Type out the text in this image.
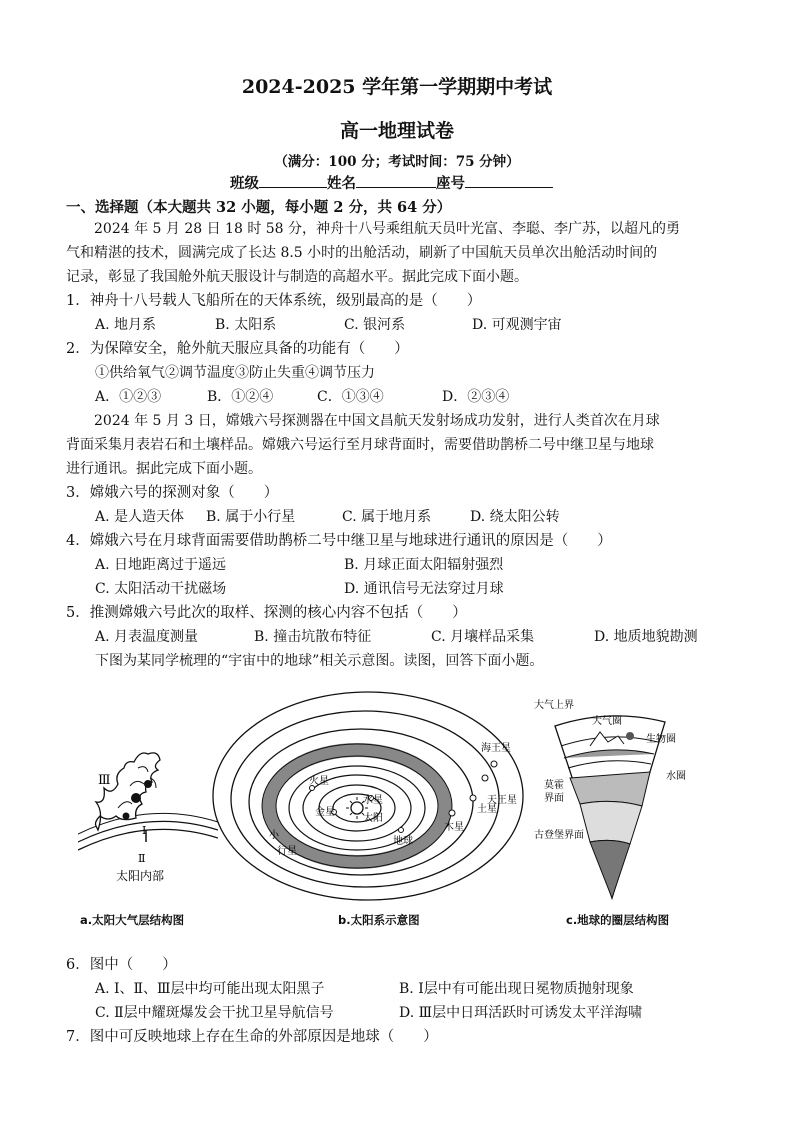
2024-2025 学年第一学期期中考试
高一地理试卷
（满分：100 分；考试时间：75 分钟）
班级	姓名	座号
一、选择题（本大题共 32 小题，每小题 2 分，共 64 分）
2024 年 5 月 28 日 18 时 58 分，神舟十八号乘组航天员叶光富、李聪、李广苏，以超凡的勇
气和精湛的技术，圆满完成了长达 8.5 小时的出舱活动，刷新了中国航天员单次出舱活动时间的
记录，彰显了我国舱外航天服设计与制造的高超水平。据此完成下面小题。
1．神舟十八号载人飞船所在的天体系统，级别最高的是（　　）
A. 地月系	B. 太阳系	C. 银河系	D. 可观测宇宙
2．为保障安全，舱外航天服应具备的功能有（　　）
①供给氧气②调节温度③防止失重④调节压力
A．①②③	B．①②④	C．①③④	D．②③④
2024 年 5 月 3 日，嫦娥六号探测器在中国文昌航天发射场成功发射，进行人类首次在月球
背面采集月表岩石和土壤样品。嫦娥六号运行至月球背面时，需要借助鹊桥二号中继卫星与地球
进行通讯。据此完成下面小题。
3．嫦娥六号的探测对象（　　）
A. 是人造天体 B. 属于小行星	C. 属于地月系	D. 绕太阳公转
4．嫦娥六号在月球背面需要借助鹊桥二号中继卫星与地球进行通讯的原因是（　　）
A. 日地距离过于遥远	B. 月球正面太阳辐射强烈
C. 太阳活动干扰磁场	D. 通讯信号无法穿过月球
5．推测嫦娥六号此次的取样、探测的核心内容不包括（　　）
A. 月表温度测量	B. 撞击坑散布特征	C. 月壤样品采集	D. 地质地貌勘测
下图为某同学梳理的“宇宙中的地球”相关示意图。读图，回答下面小题。
Ⅲ
Ⅰ
Ⅱ
太阳内部
a.太阳大气层结构图
水星
太阳
金星
地球
火星
小
行星
木星
土星
天王星
海王星
b.太阳系示意图
大气上界
大气圈
生物圈
水圈
莫霍
界面
古登堡界面
c.地球的圈层结构图
6．图中（　　）
A. Ⅰ、Ⅱ、Ⅲ层中均可能出现太阳黑子	B. Ⅰ层中有可能出现日冕物质抛射现象
C. Ⅱ层中耀斑爆发会干扰卫星导航信号	D. Ⅲ层中日珥活跃时可诱发太平洋海啸
7．图中可反映地球上存在生命的外部原因是地球（　　）
